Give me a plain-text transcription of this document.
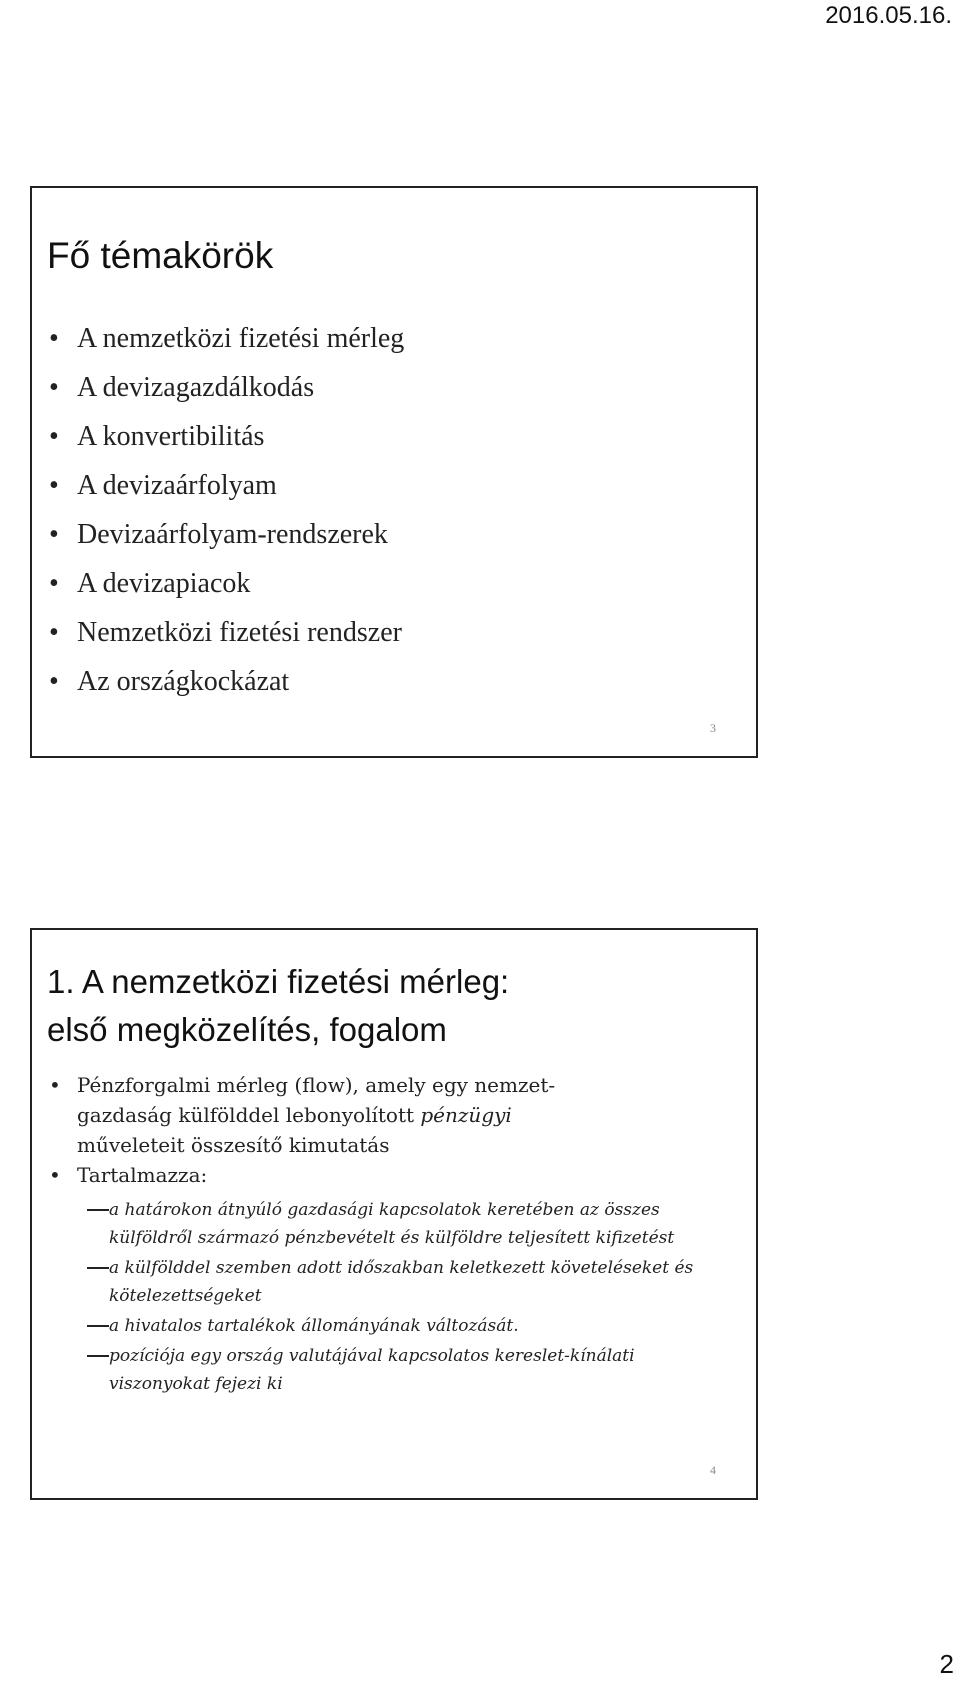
2016.05.16.
Fő témakörök
• A nemzetközi fizetési mérleg
• A devizagazdálkodás
• A konvertibilitás
• A devizaárfolyam
• Devizaárfolyam-rendszerek
• A devizapiacok
• Nemzetközi fizetési rendszer
• Az országkockázat
3
1. A nemzetközi fizetési mérleg:
első megközelítés, fogalom
• Pénzforgalmi mérleg (flow), amely egy nemzet-
gazdaság külfölddel lebonyolított pénzügyi
műveleteit összesítő kimutatás
• Tartalmazza:
a határokon átnyúló gazdasági kapcsolatok keretében az összes külföldről származó pénzbevételt és külföldre teljesített kifizetést
a külfölddel szemben adott időszakban keletkezett követeléseket és kötelezettségeket
a hivatalos tartalékok állományának változását.
pozíciója egy ország valutájával kapcsolatos kereslet-kínálati viszonyokat fejezi ki
4
2
